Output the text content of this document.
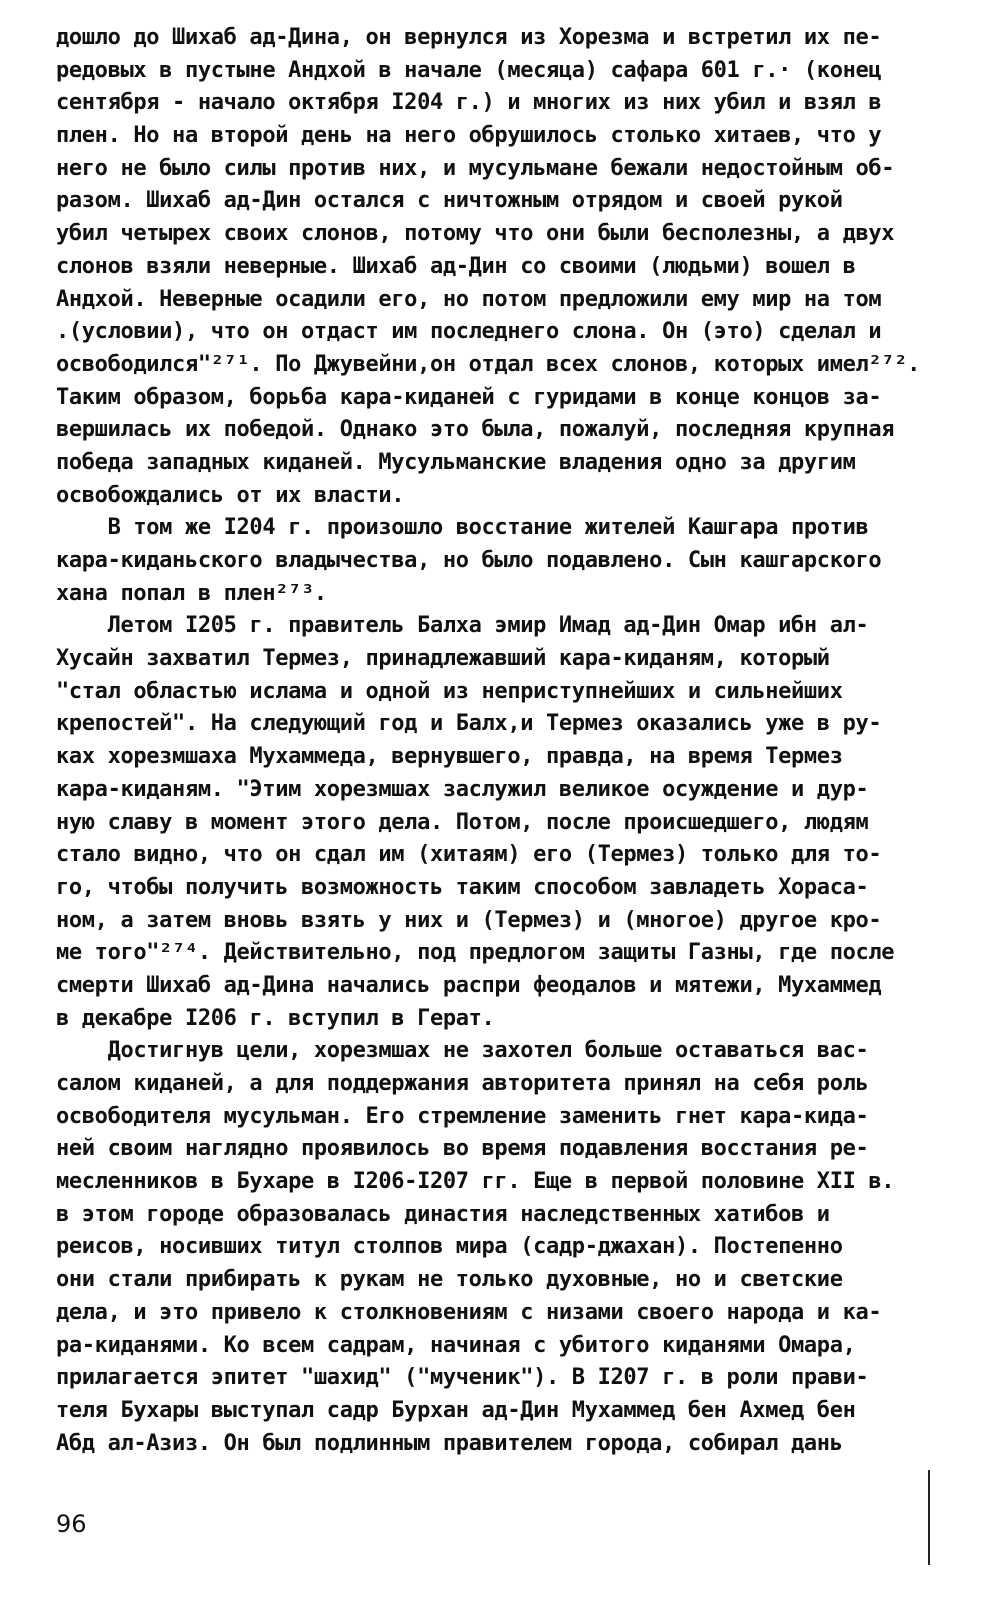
дошло до Шихаб ад-Дина, он вернулся из Хорезма и встретил их пе-
редовых в пустыне Андхой в начале (месяца) сафара 601 г.· (конец
сентября - начало октября I204 г.) и многих из них убил и взял в
плен. Но на второй день на него обрушилось столько хитаев, что у
него не было силы против них, и мусульмане бежали недостойным об-
разом. Шихаб ад-Дин остался с ничтожным отрядом и своей рукой
убил четырех своих слонов, потому что они были бесполезны, а двух
слонов взяли неверные. Шихаб ад-Дин со своими (людьми) вошел в
Андхой. Неверные осадили его, но потом предложили ему мир на том
.(условии), что он отдаст им последнего слона. Он (это) сделал и
освободился"²⁷¹. По Джувейни,он отдал всех слонов, которых имел²⁷².
Таким образом, борьба кара-киданей с гуридами в конце концов за-
вершилась их победой. Однако это была, пожалуй, последняя крупная
победа западных киданей. Мусульманские владения одно за другим
освобождались от их власти.
В том же I204 г. произошло восстание жителей Кашгара против
кара-киданьского владычества, но было подавлено. Сын кашгарского
хана попал в плен²⁷³.
Летом I205 г. правитель Балха эмир Имад ад-Дин Омар ибн ал-
Хусайн захватил Термез, принадлежавший кара-киданям, который
"стал областью ислама и одной из неприступнейших и сильнейших
крепостей". На следующий год и Балх,и Термез оказались уже в ру-
ках хорезмшаха Мухаммеда, вернувшего, правда, на время Термез
кара-киданям. "Этим хорезмшах заслужил великое осуждение и дур-
ную славу в момент этого дела. Потом, после происшедшего, людям
стало видно, что он сдал им (хитаям) его (Термез) только для то-
го, чтобы получить возможность таким способом завладеть Хораса-
ном, а затем вновь взять у них и (Термез) и (многое) другое кро-
ме того"²⁷⁴. Действительно, под предлогом защиты Газны, где после
смерти Шихаб ад-Дина начались распри феодалов и мятежи, Мухаммед
в декабре I206 г. вступил в Герат.
Достигнув цели, хорезмшах не захотел больше оставаться вас-
салом киданей, а для поддержания авторитета принял на себя роль
освободителя мусульман. Его стремление заменить гнет кара-кида-
ней своим наглядно проявилось во время подавления восстания ре-
месленников в Бухаре в I206-I207 гг. Еще в первой половине XII в.
в этом городе образовалась династия наследственных хатибов и
реисов, носивших титул столпов мира (садр-джахан). Постепенно
они стали прибирать к рукам не только духовные, но и светские
дела, и это привело к столкновениям с низами своего народа и ка-
ра-киданями. Ко всем садрам, начиная с убитого киданями Омара,
прилагается эпитет "шахид" ("мученик"). В I207 г. в роли прави-
теля Бухары выступал садр Бурхан ад-Дин Мухаммед бен Ахмед бен
Абд ал-Азиз. Он был подлинным правителем города, собирал дань
96
